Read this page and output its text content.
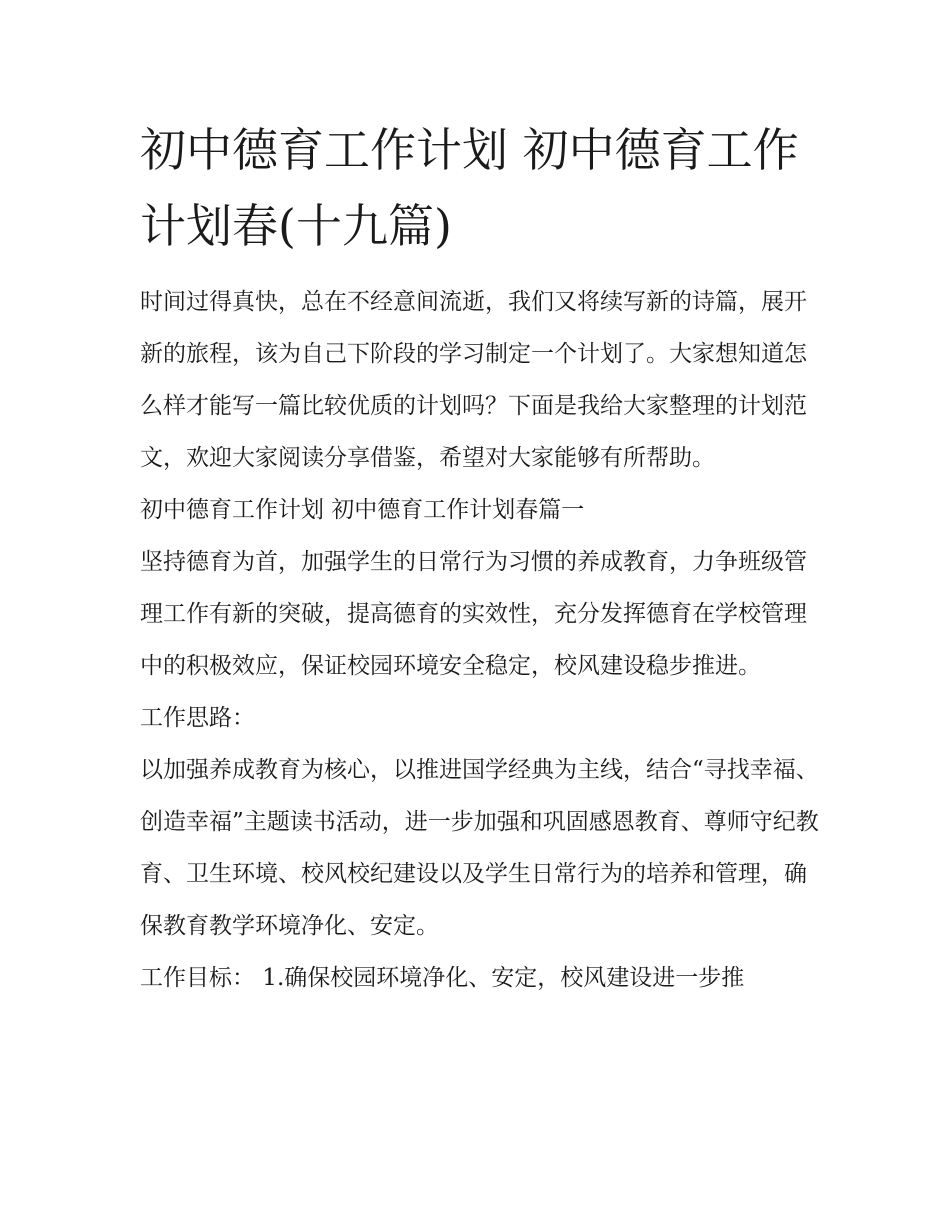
初中德育工作计划 初中德育工作计划春(十九篇)

时间过得真快，总在不经意间流逝，我们又将续写新的诗篇，展开新的旅程，该为自己下阶段的学习制定一个计划了。大家想知道怎么样才能写一篇比较优质的计划吗？下面是我给大家整理的计划范文，欢迎大家阅读分享借鉴，希望对大家能够有所帮助。

初中德育工作计划 初中德育工作计划春篇一

坚持德育为首，加强学生的日常行为习惯的养成教育，力争班级管理工作有新的突破，提高德育的实效性，充分发挥德育在学校管理中的积极效应，保证校园环境安全稳定，校风建设稳步推进。

工作思路：

以加强养成教育为核心，以推进国学经典为主线，结合“寻找幸福、创造幸福”主题读书活动，进一步加强和巩固感恩教育、尊师守纪教育、卫生环境、校风校纪建设以及学生日常行为的培养和管理，确保教育教学环境净化、安定。

工作目标： 1.确保校园环境净化、安定，校风建设进一步推
